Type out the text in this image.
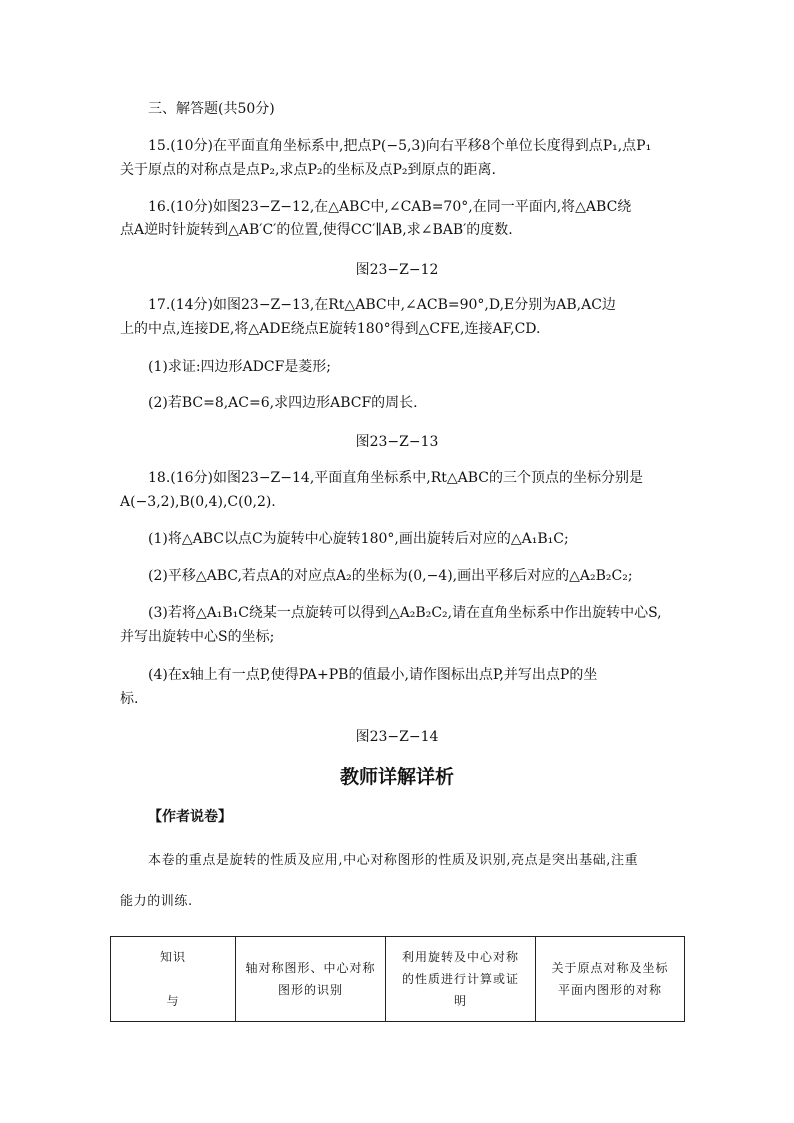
三、解答题(共50分)
15.(10分)在平面直角坐标系中,把点P(−5,3)向右平移8个单位长度得到点P₁,点P₁
关于原点的对称点是点P₂,求点P₂的坐标及点P₂到原点的距离.
16.(10分)如图23−Z−12,在△ABC中,∠CAB=70°,在同一平面内,将△ABC绕
点A逆时针旋转到△AB′C′的位置,使得CC′∥AB,求∠BAB′的度数.
图23−Z−12
17.(14分)如图23−Z−13,在Rt△ABC中,∠ACB=90°,D,E分别为AB,AC边
上的中点,连接DE,将△ADE绕点E旋转180°得到△CFE,连接AF,CD.
(1)求证:四边形ADCF是菱形;
(2)若BC=8,AC=6,求四边形ABCF的周长.
图23−Z−13
18.(16分)如图23−Z−14,平面直角坐标系中,Rt△ABC的三个顶点的坐标分别是
A(−3,2),B(0,4),C(0,2).
(1)将△ABC以点C为旋转中心旋转180°,画出旋转后对应的△A₁B₁C;
(2)平移△ABC,若点A的对应点A₂的坐标为(0,−4),画出平移后对应的△A₂B₂C₂;
(3)若将△A₁B₁C绕某一点旋转可以得到△A₂B₂C₂,请在直角坐标系中作出旋转中心S,
并写出旋转中心S的坐标;
(4)在x轴上有一点P,使得PA+PB的值最小,请作图标出点P,并写出点P的坐
标.
图23−Z−14
教师详解详析
【作者说卷】
本卷的重点是旋转的性质及应用,中心对称图形的性质及识别,亮点是突出基础,注重
能力的训练.
知识

与	轴对称图形、中心对称
图形的识别	利用旋转及中心对称
的性质进行计算或证
明	关于原点对称及坐标
平面内图形的对称
